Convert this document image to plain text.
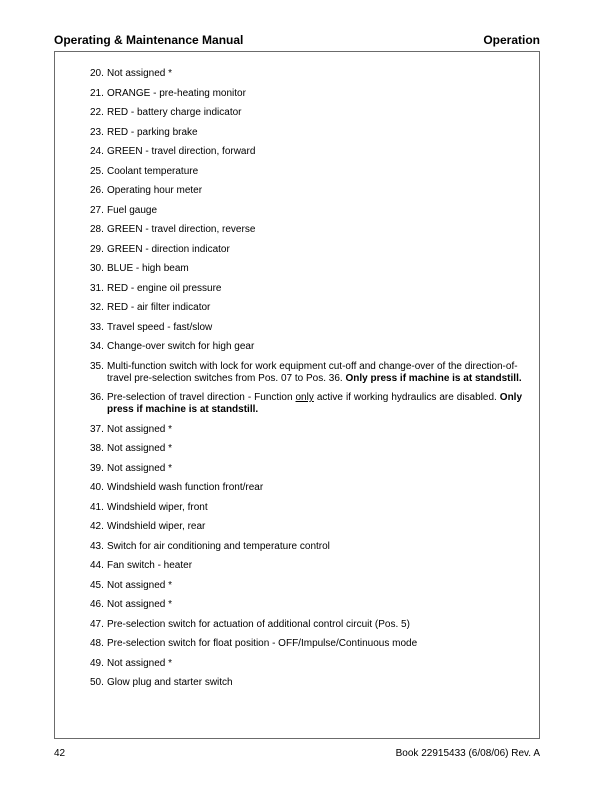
Operating & Maintenance Manual	Operation
20. Not assigned *
21. ORANGE - pre-heating monitor
22. RED - battery charge indicator
23. RED - parking brake
24. GREEN - travel direction, forward
25. Coolant temperature
26. Operating hour meter
27. Fuel gauge
28. GREEN - travel direction, reverse
29. GREEN - direction indicator
30. BLUE - high beam
31. RED - engine oil pressure
32. RED - air filter indicator
33. Travel speed - fast/slow
34. Change-over switch for high gear
35. Multi-function switch with lock for work equipment cut-off and change-over of the direction-of-travel pre-selection switches from Pos. 07 to Pos. 36. Only press if machine is at standstill.
36. Pre-selection of travel direction - Function only active if working hydraulics are disabled. Only press if machine is at standstill.
37. Not assigned *
38. Not assigned *
39. Not assigned *
40. Windshield wash function front/rear
41. Windshield wiper, front
42. Windshield wiper, rear
43. Switch for air conditioning and temperature control
44. Fan switch - heater
45. Not assigned *
46. Not assigned *
47. Pre-selection switch for actuation of additional control circuit (Pos. 5)
48. Pre-selection switch for float position - OFF/Impulse/Continuous mode
49. Not assigned *
50. Glow plug and starter switch
42	Book 22915433 (6/08/06) Rev. A
